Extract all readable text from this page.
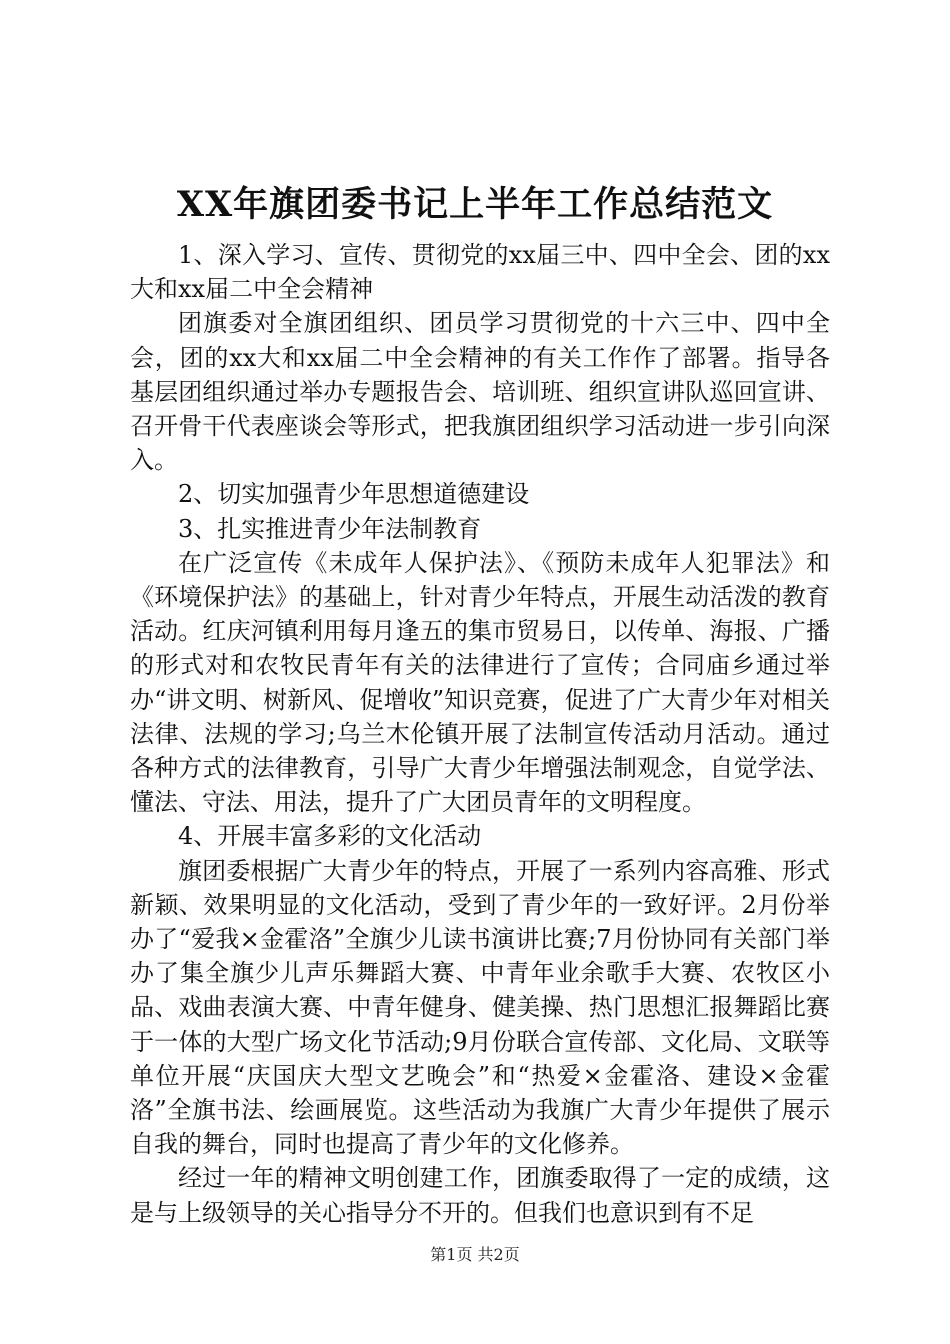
XX年旗团委书记上半年工作总结范文

1、深入学习、宣传、贯彻党的xx届三中、四中全会、团的xx大和xx届二中全会精神

团旗委对全旗团组织、团员学习贯彻党的十六三中、四中全会，团的xx大和xx届二中全会精神的有关工作作了部署。指导各基层团组织通过举办专题报告会、培训班、组织宣讲队巡回宣讲、召开骨干代表座谈会等形式，把我旗团组织学习活动进一步引向深入。

2、切实加强青少年思想道德建设

3、扎实推进青少年法制教育

在广泛宣传《未成年人保护法》、《预防未成年人犯罪法》和《环境保护法》的基础上，针对青少年特点，开展生动活泼的教育活动。红庆河镇利用每月逢五的集市贸易日，以传单、海报、广播的形式对和农牧民青年有关的法律进行了宣传；合同庙乡通过举办“讲文明、树新风、促增收”知识竞赛，促进了广大青少年对相关法律、法规的学习;乌兰木伦镇开展了法制宣传活动月活动。通过各种方式的法律教育，引导广大青少年增强法制观念，自觉学法、懂法、守法、用法，提升了广大团员青年的文明程度。

4、开展丰富多彩的文化活动

旗团委根据广大青少年的特点，开展了一系列内容高雅、形式新颖、效果明显的文化活动，受到了青少年的一致好评。2月份举办了“爱我×金霍洛”全旗少儿读书演讲比赛;7月份协同有关部门举办了集全旗少儿声乐舞蹈大赛、中青年业余歌手大赛、农牧区小品、戏曲表演大赛、中青年健身、健美操、热门思想汇报舞蹈比赛于一体的大型广场文化节活动;9月份联合宣传部、文化局、文联等单位开展“庆国庆大型文艺晚会”和“热爱×金霍洛、建设×金霍洛”全旗书法、绘画展览。这些活动为我旗广大青少年提供了展示自我的舞台，同时也提高了青少年的文化修养。

经过一年的精神文明创建工作，团旗委取得了一定的成绩，这是与上级领导的关心指导分不开的。但我们也意识到有不足

第1页 共2页
